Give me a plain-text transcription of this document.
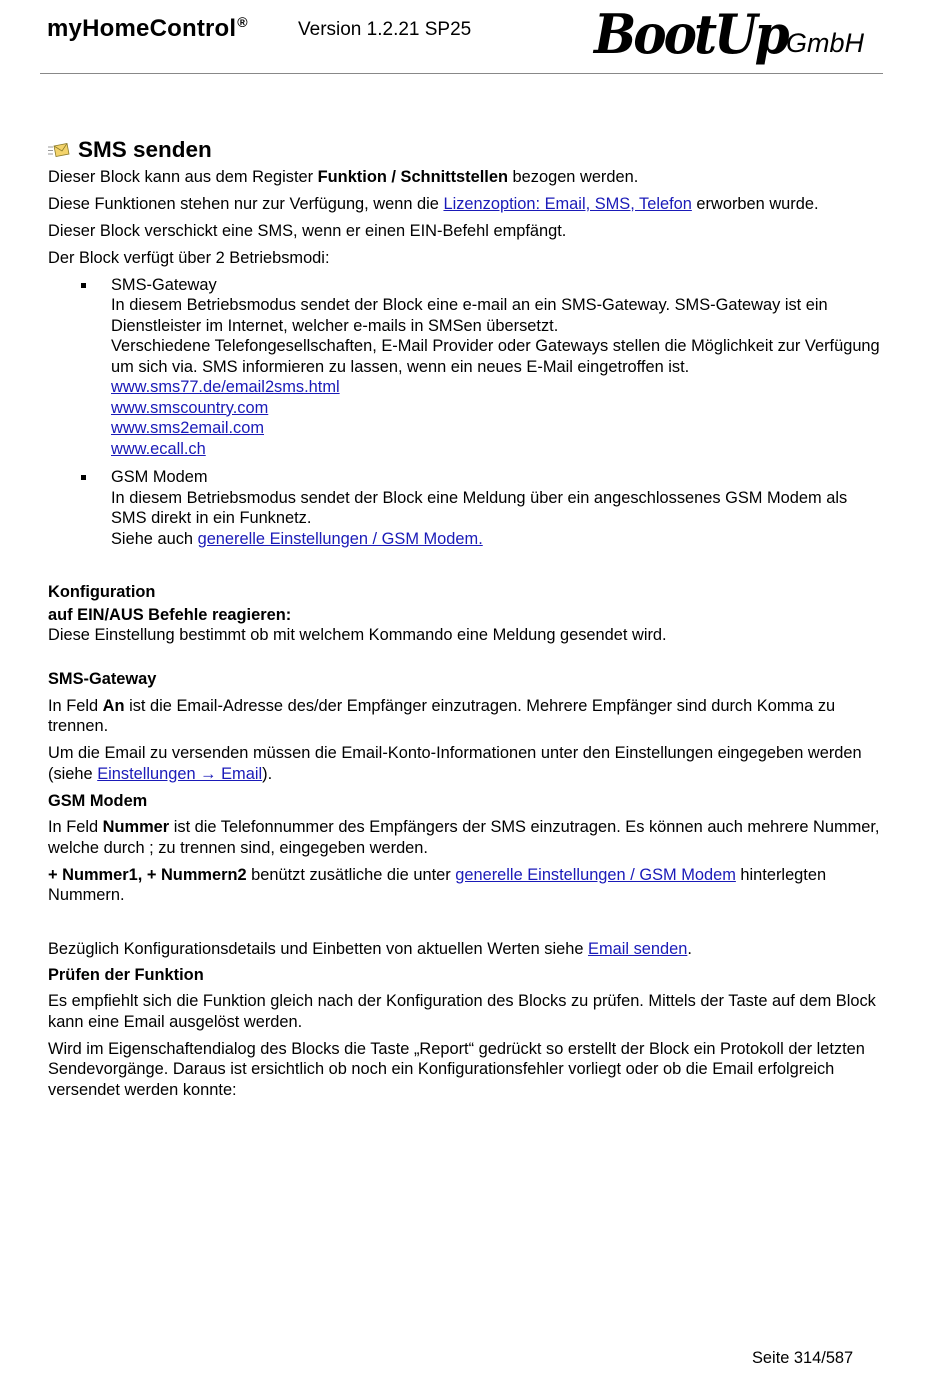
myHomeControl®	Version 1.2.21 SP25 BootUp GmbH
SMS senden

Dieser Block kann aus dem Register Funktion / Schnittstellen bezogen werden.

Diese Funktionen stehen nur zur Verfügung, wenn die Lizenzoption: Email, SMS, Telefon erworben wurde.

Dieser Block verschickt eine SMS, wenn er einen EIN-Befehl empfängt.

Der Block verfügt über 2 Betriebsmodi:

SMS-Gateway
In diesem Betriebsmodus sendet der Block eine e-mail an ein SMS-Gateway. SMS-Gateway ist ein Dienstleister im Internet, welcher e-mails in SMSen übersetzt.
Verschiedene Telefongesellschaften, E-Mail Provider oder Gateways stellen die Möglichkeit zur Verfügung um sich via. SMS informieren zu lassen, wenn ein neues E-Mail eingetroffen ist.
www.sms77.de/email2sms.html
www.smscountry.com
www.sms2email.com
www.ecall.ch
GSM Modem
In diesem Betriebsmodus sendet der Block eine Meldung über ein angeschlossenes GSM Modem als SMS direkt in ein Funknetz.
Siehe auch generelle Einstellungen / GSM Modem.

Konfiguration

auf EIN/AUS Befehle reagieren:

Diese Einstellung bestimmt ob mit welchem Kommando eine Meldung gesendet wird.

SMS-Gateway

In Feld An ist die Email-Adresse des/der Empfänger einzutragen. Mehrere Empfänger sind durch Komma zu trennen.

Um die Email zu versenden müssen die Email-Konto-Informationen unter den Einstellungen eingegeben werden (siehe Einstellungen → Email).

GSM Modem

In Feld Nummer ist die Telefonnummer des Empfängers der SMS einzutragen. Es können auch mehrere Nummer, welche durch ; zu trennen sind, eingegeben werden.

+ Nummer1, + Nummern2 benützt zusätliche die unter generelle Einstellungen / GSM Modem hinterlegten Nummern.

Bezüglich Konfigurationsdetails und Einbetten von aktuellen Werten siehe Email senden.

Prüfen der Funktion

Es empfiehlt sich die Funktion gleich nach der Konfiguration des Blocks zu prüfen. Mittels der Taste auf dem Block kann eine Email ausgelöst werden.

Wird im Eigenschaftendialog des Blocks die Taste „Report“ gedrückt so erstellt der Block ein Protokoll der letzten Sendevorgänge. Daraus ist ersichtlich ob noch ein Konfigurationsfehler vorliegt oder ob die Email erfolgreich versendet werden konnte:

Seite 314/587
